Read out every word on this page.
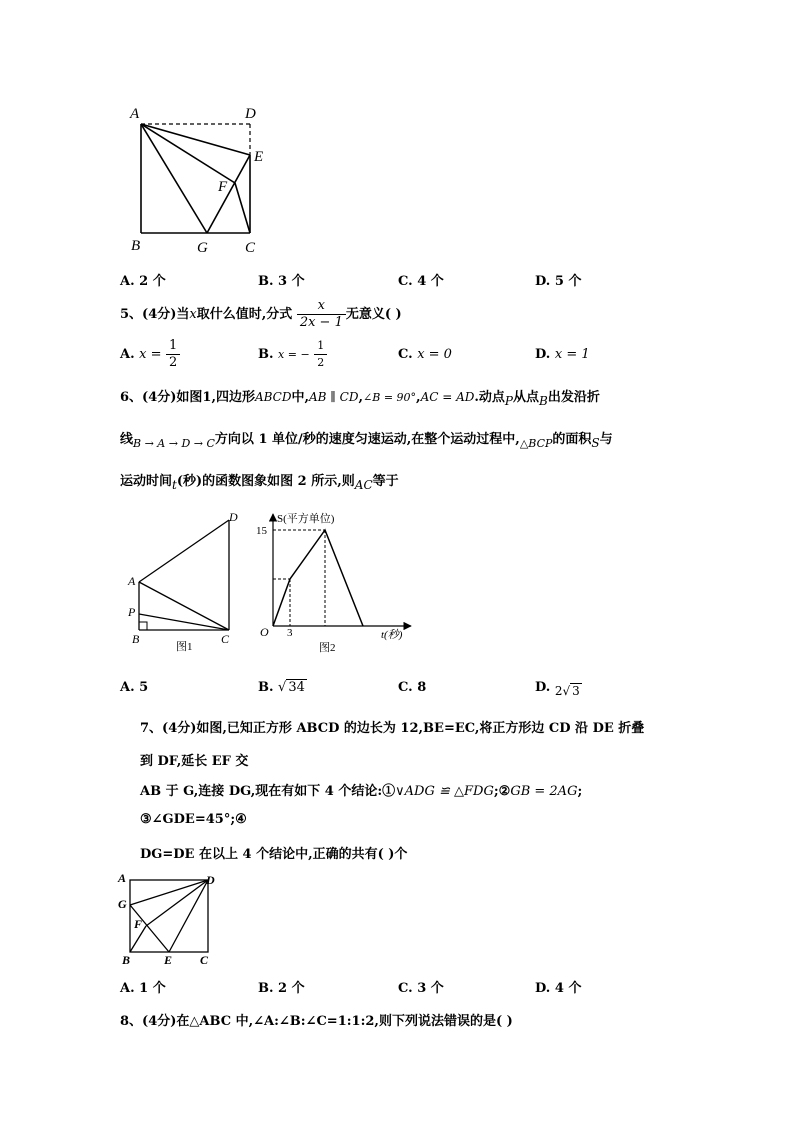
A	D
E
F
B	G C
A. 2 个	B. 3 个	C. 4 个	D. 5 个
5、(4分)当x取什么值时,分式 $\frac{x}{2x - 1}$ 无意义( )
A. $x = \frac{1}{2}$	B. x = − $\frac{1}{2}$	C. x = 0	D. x = 1
6、(4分)如图1,四边形ABCD中,AB ∥ CD,∠B = 90°,AC = AD.动点P从点B出发沿折
线$_{B \to A \to D \to C}$方向以 1 单位/秒的速度匀速运动,在整个运动过程中$,_{\triangle BCP}$的面积S与
运动时间t(秒)的函数图象如图 2 所示,则AC等于
D
A
P
B	C
图1
S(平方单位)
15
O 3	t(秒)
图2
A. 5	B. √ 34	C. 8	D. 2√ 3
7、(4分)如图,已知正方形 ABCD 的边长为 12,BE=EC,将正方形边 CD 沿 DE 折叠
到 DF,延长 EF 交
AB 于 G,连接 DG,现在有如下 4 个结论:①∨ADG ≌ △FDG;②GB = 2AG;
③∠GDE=45°;④
DG=DE 在以上 4 个结论中,正确的共有( )个
A	D
G
F
B	E C
A. 1 个	B. 2 个	C. 3 个	D. 4 个
8、(4分)在△ABC 中,∠A:∠B:∠C=1:1:2,则下列说法错误的是( )
